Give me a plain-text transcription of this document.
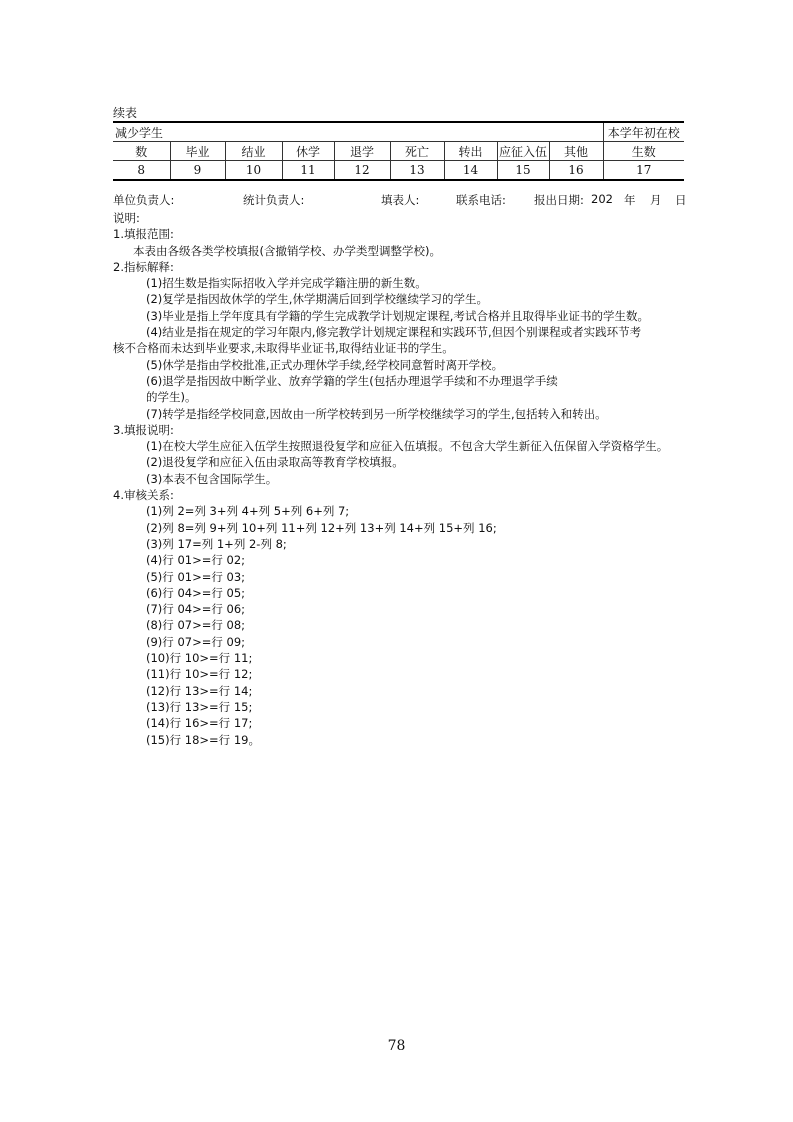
续表
减少学生									本学年初在校
数	毕业	结业	休学	退学	死亡	转出	应征入伍	其他	生数
8	9	10	11	12	13	14	15	16	17
单位负责人:	统计负责人:	填表人:	联系电话: 报出日期: 202 年 月 日
说明:
1.填报范围:
本表由各级各类学校填报(含撤销学校、办学类型调整学校)。
2.指标解释:
(1)招生数是指实际招收入学并完成学籍注册的新生数。
(2)复学是指因故休学的学生,休学期满后回到学校继续学习的学生。
(3)毕业是指上学年度具有学籍的学生完成教学计划规定课程,考试合格并且取得毕业证书的学生数。
(4)结业是指在规定的学习年限内,修完教学计划规定课程和实践环节,但因个别课程或者实践环节考
核不合格而未达到毕业要求,未取得毕业证书,取得结业证书的学生。
(5)休学是指由学校批准,正式办理休学手续,经学校同意暂时离开学校。
(6)退学是指因故中断学业、放弃学籍的学生(包括办理退学手续和不办理退学手续
的学生)。
(7)转学是指经学校同意,因故由一所学校转到另一所学校继续学习的学生,包括转入和转出。
3.填报说明:
(1)在校大学生应征入伍学生按照退役复学和应征入伍填报。不包含大学生新征入伍保留入学资格学生。
(2)退役复学和应征入伍由录取高等教育学校填报。
(3)本表不包含国际学生。
4.审核关系:
(1)列 2=列 3+列 4+列 5+列 6+列 7;
(2)列 8=列 9+列 10+列 11+列 12+列 13+列 14+列 15+列 16;
(3)列 17=列 1+列 2-列 8;
(4)行 01>=行 02;
(5)行 01>=行 03;
(6)行 04>=行 05;
(7)行 04>=行 06;
(8)行 07>=行 08;
(9)行 07>=行 09;
(10)行 10>=行 11;
(11)行 10>=行 12;
(12)行 13>=行 14;
(13)行 13>=行 15;
(14)行 16>=行 17;
(15)行 18>=行 19。
78
